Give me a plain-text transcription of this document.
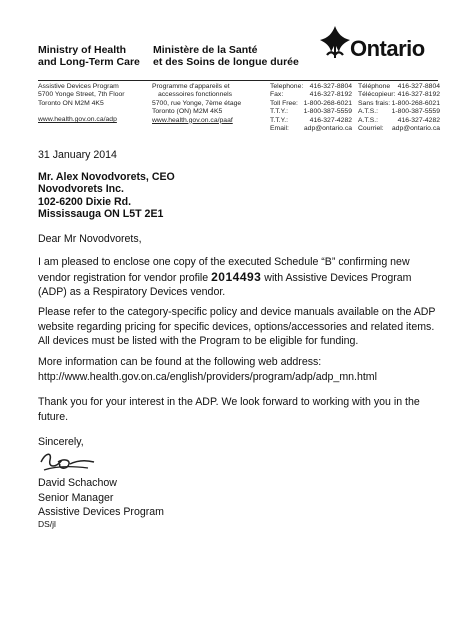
Ministry of Health
and Long-Term Care
Ministère de la Santé
et des Soins de longue durée
Ontario
Assistive Devices Program
5700 Yonge Street, 7th Floor
Toronto ON M2M 4K5
www.health.gov.on.ca/adp
Programme d'appareils et
accessoires fonctionnels
5700, rue Yonge, 7ème étage
Toronto (ON) M2M 4K5
www.health.gov.on.ca/paaf
Telephone: 416-327-8804
Fax:	416-327-8192
Toll Free: 1-800-268-6021
T.T.Y.: 1-800-387-5559
T.T.Y.:	416-327-4282
Email: adp@ontario.ca
Téléphone 416-327-8804
Télécopieur: 416-327-8192
Sans frais: 1-800-268-6021
A.T.S.: 1-800-387-5559
A.T.S.:	416-327-4282
Courriel: adp@ontario.ca
31 January 2014
Mr. Alex Novodvorets, CEO
Novodvorets Inc.
102-6200 Dixie Rd.
Mississauga ON L5T 2E1
Dear Mr Novodvorets,
I am pleased to enclose one copy of the executed Schedule “B” confirming new vendor registration for vendor profile 2014493 with Assistive Devices Program (ADP) as a Respiratory Devices vendor.
Please refer to the category-specific policy and device manuals available on the ADP website regarding pricing for specific devices, options/accessories and related items. All devices must be listed with the Program to be eligible for funding.
More information can be found at the following web address:
http://www.health.gov.on.ca/english/providers/program/adp/adp_mn.html
Thank you for your interest in the ADP. We look forward to working with you in the future.
Sincerely,
David Schachow
Senior Manager
Assistive Devices Program
DS/jl
